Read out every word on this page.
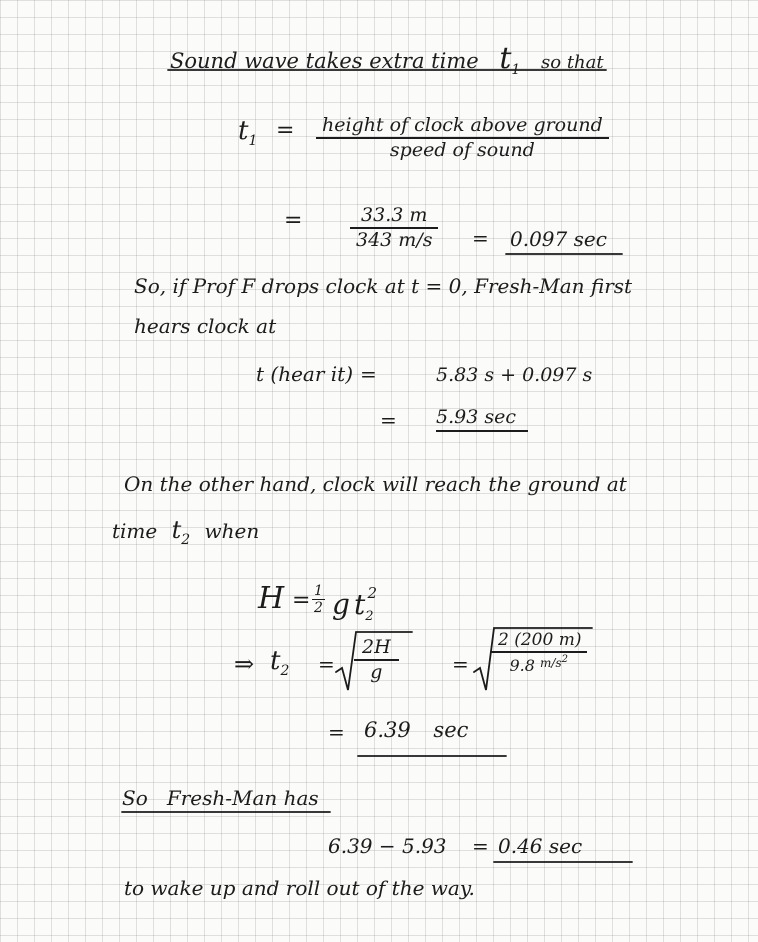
Sound wave takes extra time $t_1$ so that
$t_1$ =	height of clock above ground
speed of sound
=	$\frac{33.3 m}{343 m/s} = 0.097$ sec
So, if Prof F drops clock at t = 0, Fresh-Man first
hears clock at
t (hear it) =	5.83 s + 0.097 s
= 5.93 sec
On the other hand, clock will reach the ground at
time $t_2$ when
$H = \frac{1}{2}$ g $t_2^2$
⇒ $t_2 = \frac{2H}{g}$	= $\frac{2 (200 m)}{9.8 ^{m/s2}}$
= 6.39 sec
So   Fresh-Man has
6.39 − 5.93 = 0.46 sec
to wake up and roll out of the way.
